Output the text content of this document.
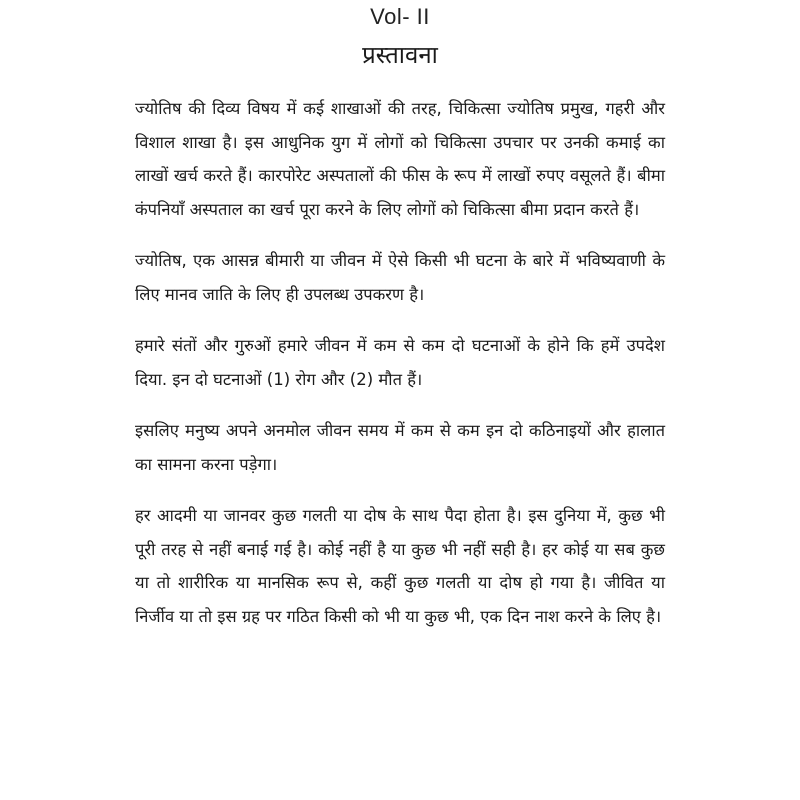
Vol- II
प्रस्तावना

ज्योतिष की दिव्य विषय में कई शाखाओं की तरह, चिकित्सा ज्योतिष प्रमुख, गहरी और विशाल शाखा है। इस आधुनिक युग में लोगों को चिकित्सा उपचार पर उनकी कमाई का लाखों खर्च करते हैं। कारपोरेट अस्पतालों की फीस के रूप में लाखों रुपए वसूलते हैं। बीमा कंपनियाँ अस्पताल का खर्च पूरा करने के लिए लोगों को चिकित्सा बीमा प्रदान करते हैं।

ज्योतिष, एक आसन्न बीमारी या जीवन में ऐसे किसी भी घटना के बारे में भविष्यवाणी के लिए मानव जाति के लिए ही उपलब्ध उपकरण है।

हमारे संतों और गुरुओं हमारे जीवन में कम से कम दो घटनाओं के होने कि हमें उपदेश दिया. इन दो घटनाओं (1) रोग और (2) मौत हैं।

इसलिए मनुष्य अपने अनमोल जीवन समय में कम से कम इन दो कठिनाइयों और हालात का सामना करना पड़ेगा।

हर आदमी या जानवर कुछ गलती या दोष के साथ पैदा होता है। इस दुनिया में, कुछ भी पूरी तरह से नहीं बनाई गई है। कोई नहीं है या कुछ भी नहीं सही है। हर कोई या सब कुछ या तो शारीरिक या मानसिक रूप से, कहीं कुछ गलती या दोष हो गया है। जीवित या निर्जीव या तो इस ग्रह पर गठित किसी को भी या कुछ भी, एक दिन नाश करने के लिए है।
